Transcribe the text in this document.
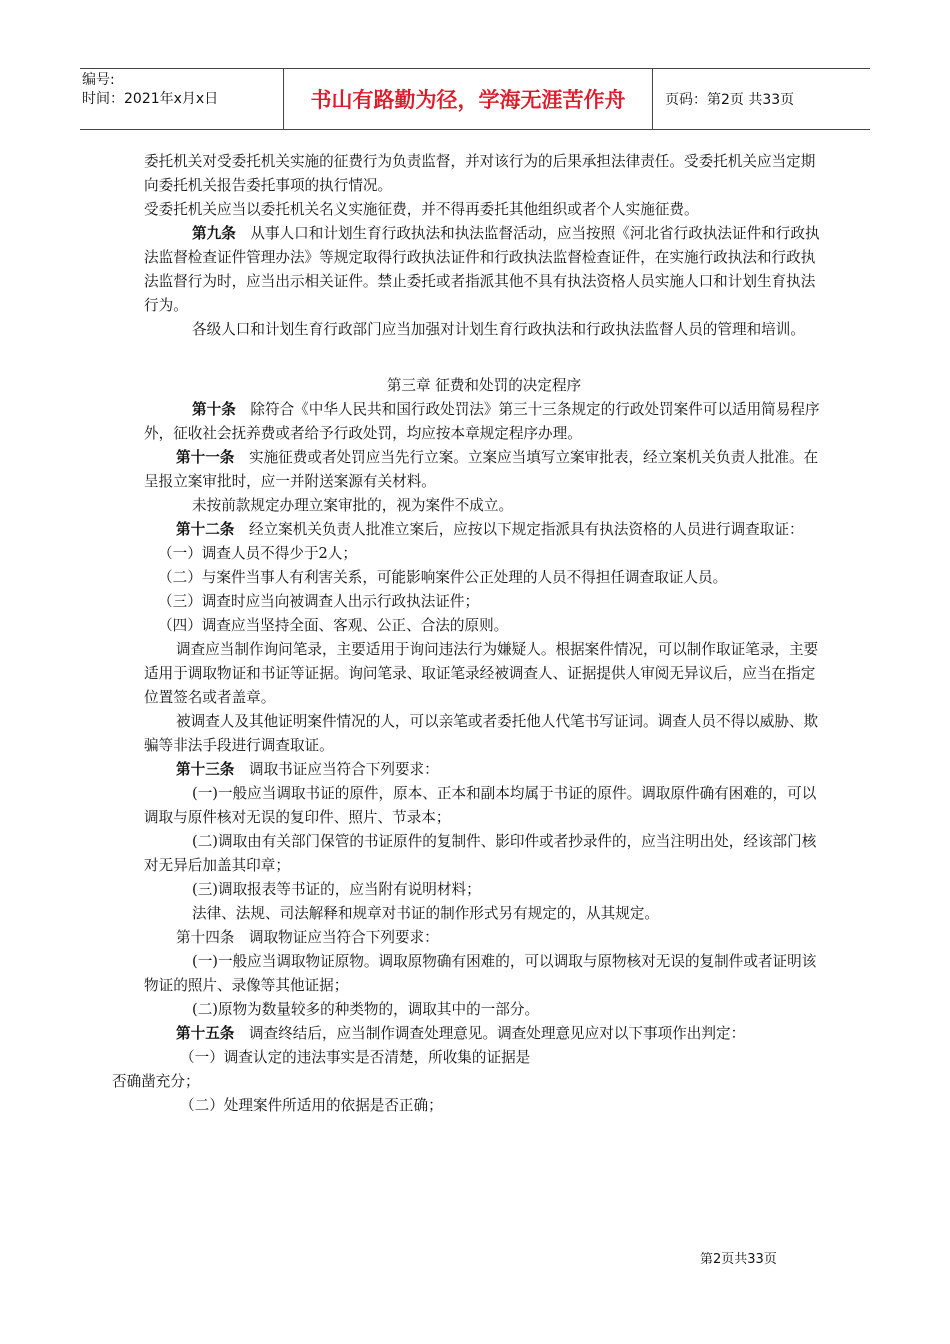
编号:
时间：2021年x月x日	书山有路勤为径，学海无涯苦作舟	页码：第2页 共33页

委托机关对受委托机关实施的征费行为负责监督，并对该行为的后果承担法律责任。受委托机关应当定期向委托机关报告委托事项的执行情况。

受委托机关应当以委托机关名义实施征费，并不得再委托其他组织或者个人实施征费。

第九条　从事人口和计划生育行政执法和执法监督活动，应当按照《河北省行政执法证件和行政执法监督检查证件管理办法》等规定取得行政执法证件和行政执法监督检查证件，在实施行政执法和行政执法监督行为时，应当出示相关证件。禁止委托或者指派其他不具有执法资格人员实施人口和计划生育执法行为。

各级人口和计划生育行政部门应当加强对计划生育行政执法和行政执法监督人员的管理和培训。

第三章 征费和处罚的决定程序

第十条　除符合《中华人民共和国行政处罚法》第三十三条规定的行政处罚案件可以适用简易程序外，征收社会抚养费或者给予行政处罚，均应按本章规定程序办理。

第十一条　实施征费或者处罚应当先行立案。立案应当填写立案审批表，经立案机关负责人批准。在呈报立案审批时，应一并附送案源有关材料。

未按前款规定办理立案审批的，视为案件不成立。

第十二条　经立案机关负责人批准立案后，应按以下规定指派具有执法资格的人员进行调查取证：

（一）调查人员不得少于2人；

（二）与案件当事人有利害关系，可能影响案件公正处理的人员不得担任调查取证人员。

（三）调查时应当向被调查人出示行政执法证件；

（四）调查应当坚持全面、客观、公正、合法的原则。

调查应当制作询问笔录，主要适用于询问违法行为嫌疑人。根据案件情况，可以制作取证笔录，主要适用于调取物证和书证等证据。询问笔录、取证笔录经被调查人、证据提供人审阅无异议后，应当在指定位置签名或者盖章。

被调查人及其他证明案件情况的人，可以亲笔或者委托他人代笔书写证词。调查人员不得以威胁、欺骗等非法手段进行调查取证。

第十三条　调取书证应当符合下列要求：

(一)一般应当调取书证的原件，原本、正本和副本均属于书证的原件。调取原件确有困难的，可以调取与原件核对无误的复印件、照片、节录本；

(二)调取由有关部门保管的书证原件的复制件、影印件或者抄录件的，应当注明出处，经该部门核对无异后加盖其印章；

(三)调取报表等书证的，应当附有说明材料；

法律、法规、司法解释和规章对书证的制作形式另有规定的，从其规定。

第十四条　调取物证应当符合下列要求：

(一)一般应当调取物证原物。调取原物确有困难的，可以调取与原物核对无误的复制件或者证明该物证的照片、录像等其他证据；

(二)原物为数量较多的种类物的，调取其中的一部分。

第十五条　调查终结后，应当制作调查处理意见。调查处理意见应对以下事项作出判定：

（一）调查认定的违法事实是否清楚，所收集的证据是

否确凿充分；

（二）处理案件所适用的依据是否正确；

第2页共33页
